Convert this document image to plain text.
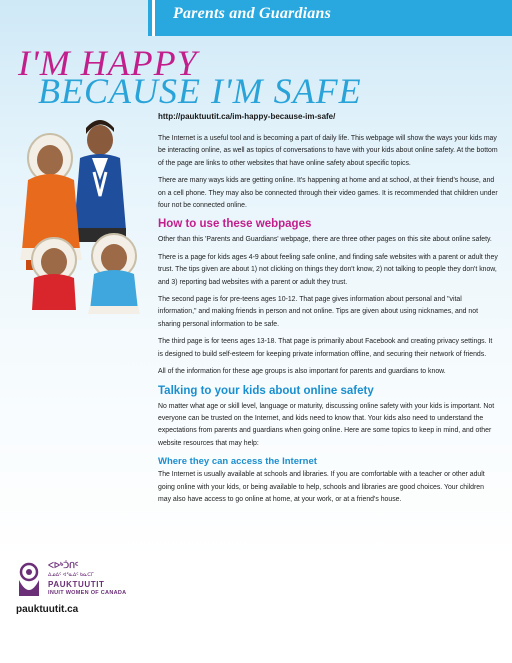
Parents and Guardians
I'M HAPPY
BECAUSE I'M SAFE
http://pauktuutit.ca/im-happy-because-im-safe/

The Internet is a useful tool and is becoming a part of daily life. This webpage will show the ways your kids may be interacting online, as well as topics of conversations to have with your kids about online safety. At the bottom of the page are links to other websites that have online safety about specific topics.

There are many ways kids are getting online. It's happening at home and at school, at their friend's house, and on a cell phone. They may also be connected through their video games. It is recommended that children under four not be connected online.

How to use these webpages

Other than this 'Parents and Guardians' webpage, there are three other pages on this site about online safety.

There is a page for kids ages 4-9 about feeling safe online, and finding safe websites with a parent or adult they trust. The tips given are about 1) not clicking on things they don't know, 2) not talking to people they don't know, and 3) reporting bad websites with a parent or adult they trust.

The second page is for pre-teens ages 10-12. That page gives information about personal and "vital information," and making friends in person and not online. Tips are given about using nicknames, and not sharing personal information to be safe.

The third page is for teens ages 13-18. That page is primarily about Facebook and creating privacy settings. It is designed to build self-esteem for keeping private information offline, and securing their network of friends.

All of the information for these age groups is also important for parents and guardians to know.

Talking to your kids about online safety

No matter what age or skill level, language or maturity, discussing online safety with your kids is important. Not everyone can be trusted on the Internet, and kids need to know that. Your kids also need to understand the expectations from parents and guardians when going online. Here are some topics to keep in mind, and other website resources that may help:

Where they can access the Internet

The Internet is usually available at schools and libraries. If you are comfortable with a teacher or other adult going online with your kids, or being available to help, schools and libraries are good choices. Your children may also have access to go online at home, at your work, or at a friend's house.

ᐸᐅᒃᑑᑎᑦ
ᐃᓄᐃᑦ ᐊᕐᓇᐃᑦ ᑲᓇᑕᒥ
PAUKTUUTIT
INUIT WOMEN OF CANADA
pauktuutit.ca
